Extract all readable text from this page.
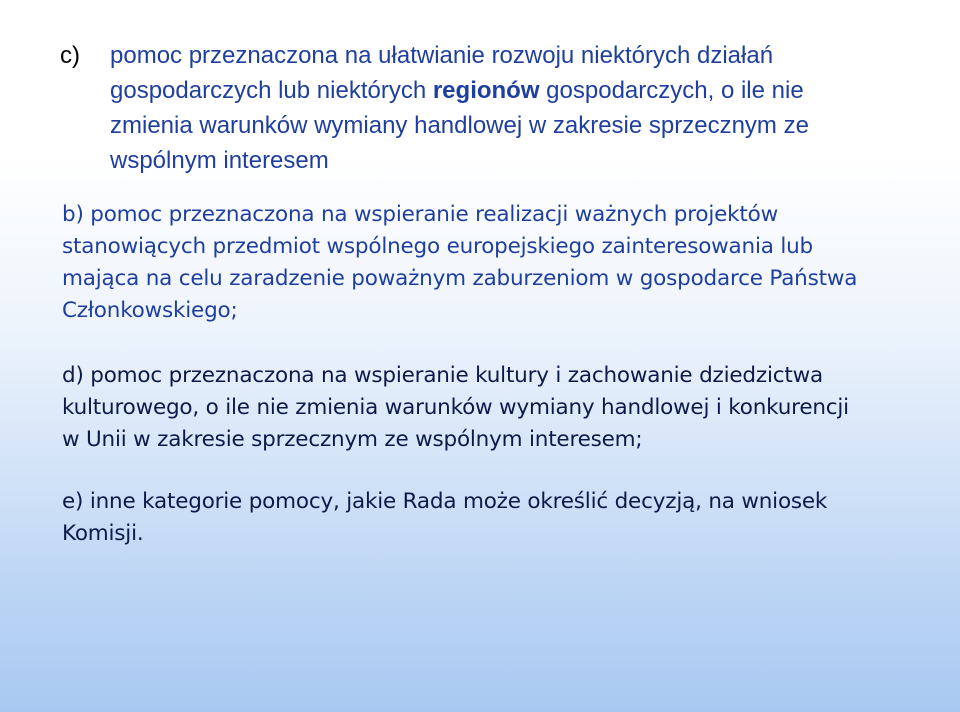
c) pomoc przeznaczona na ułatwianie rozwoju niektórych działań
gospodarczych lub niektórych regionów gospodarczych, o ile nie
zmienia warunków wymiany handlowej w zakresie sprzecznym ze
wspólnym interesem
b) pomoc przeznaczona na wspieranie realizacji ważnych projektów
stanowiących przedmiot wspólnego europejskiego zainteresowania lub
mająca na celu zaradzenie poważnym zaburzeniom w gospodarce Państwa
Członkowskiego;
d) pomoc przeznaczona na wspieranie kultury i zachowanie dziedzictwa
kulturowego, o ile nie zmienia warunków wymiany handlowej i konkurencji
w Unii w zakresie sprzecznym ze wspólnym interesem;
e) inne kategorie pomocy, jakie Rada może określić decyzją, na wniosek
Komisji.
